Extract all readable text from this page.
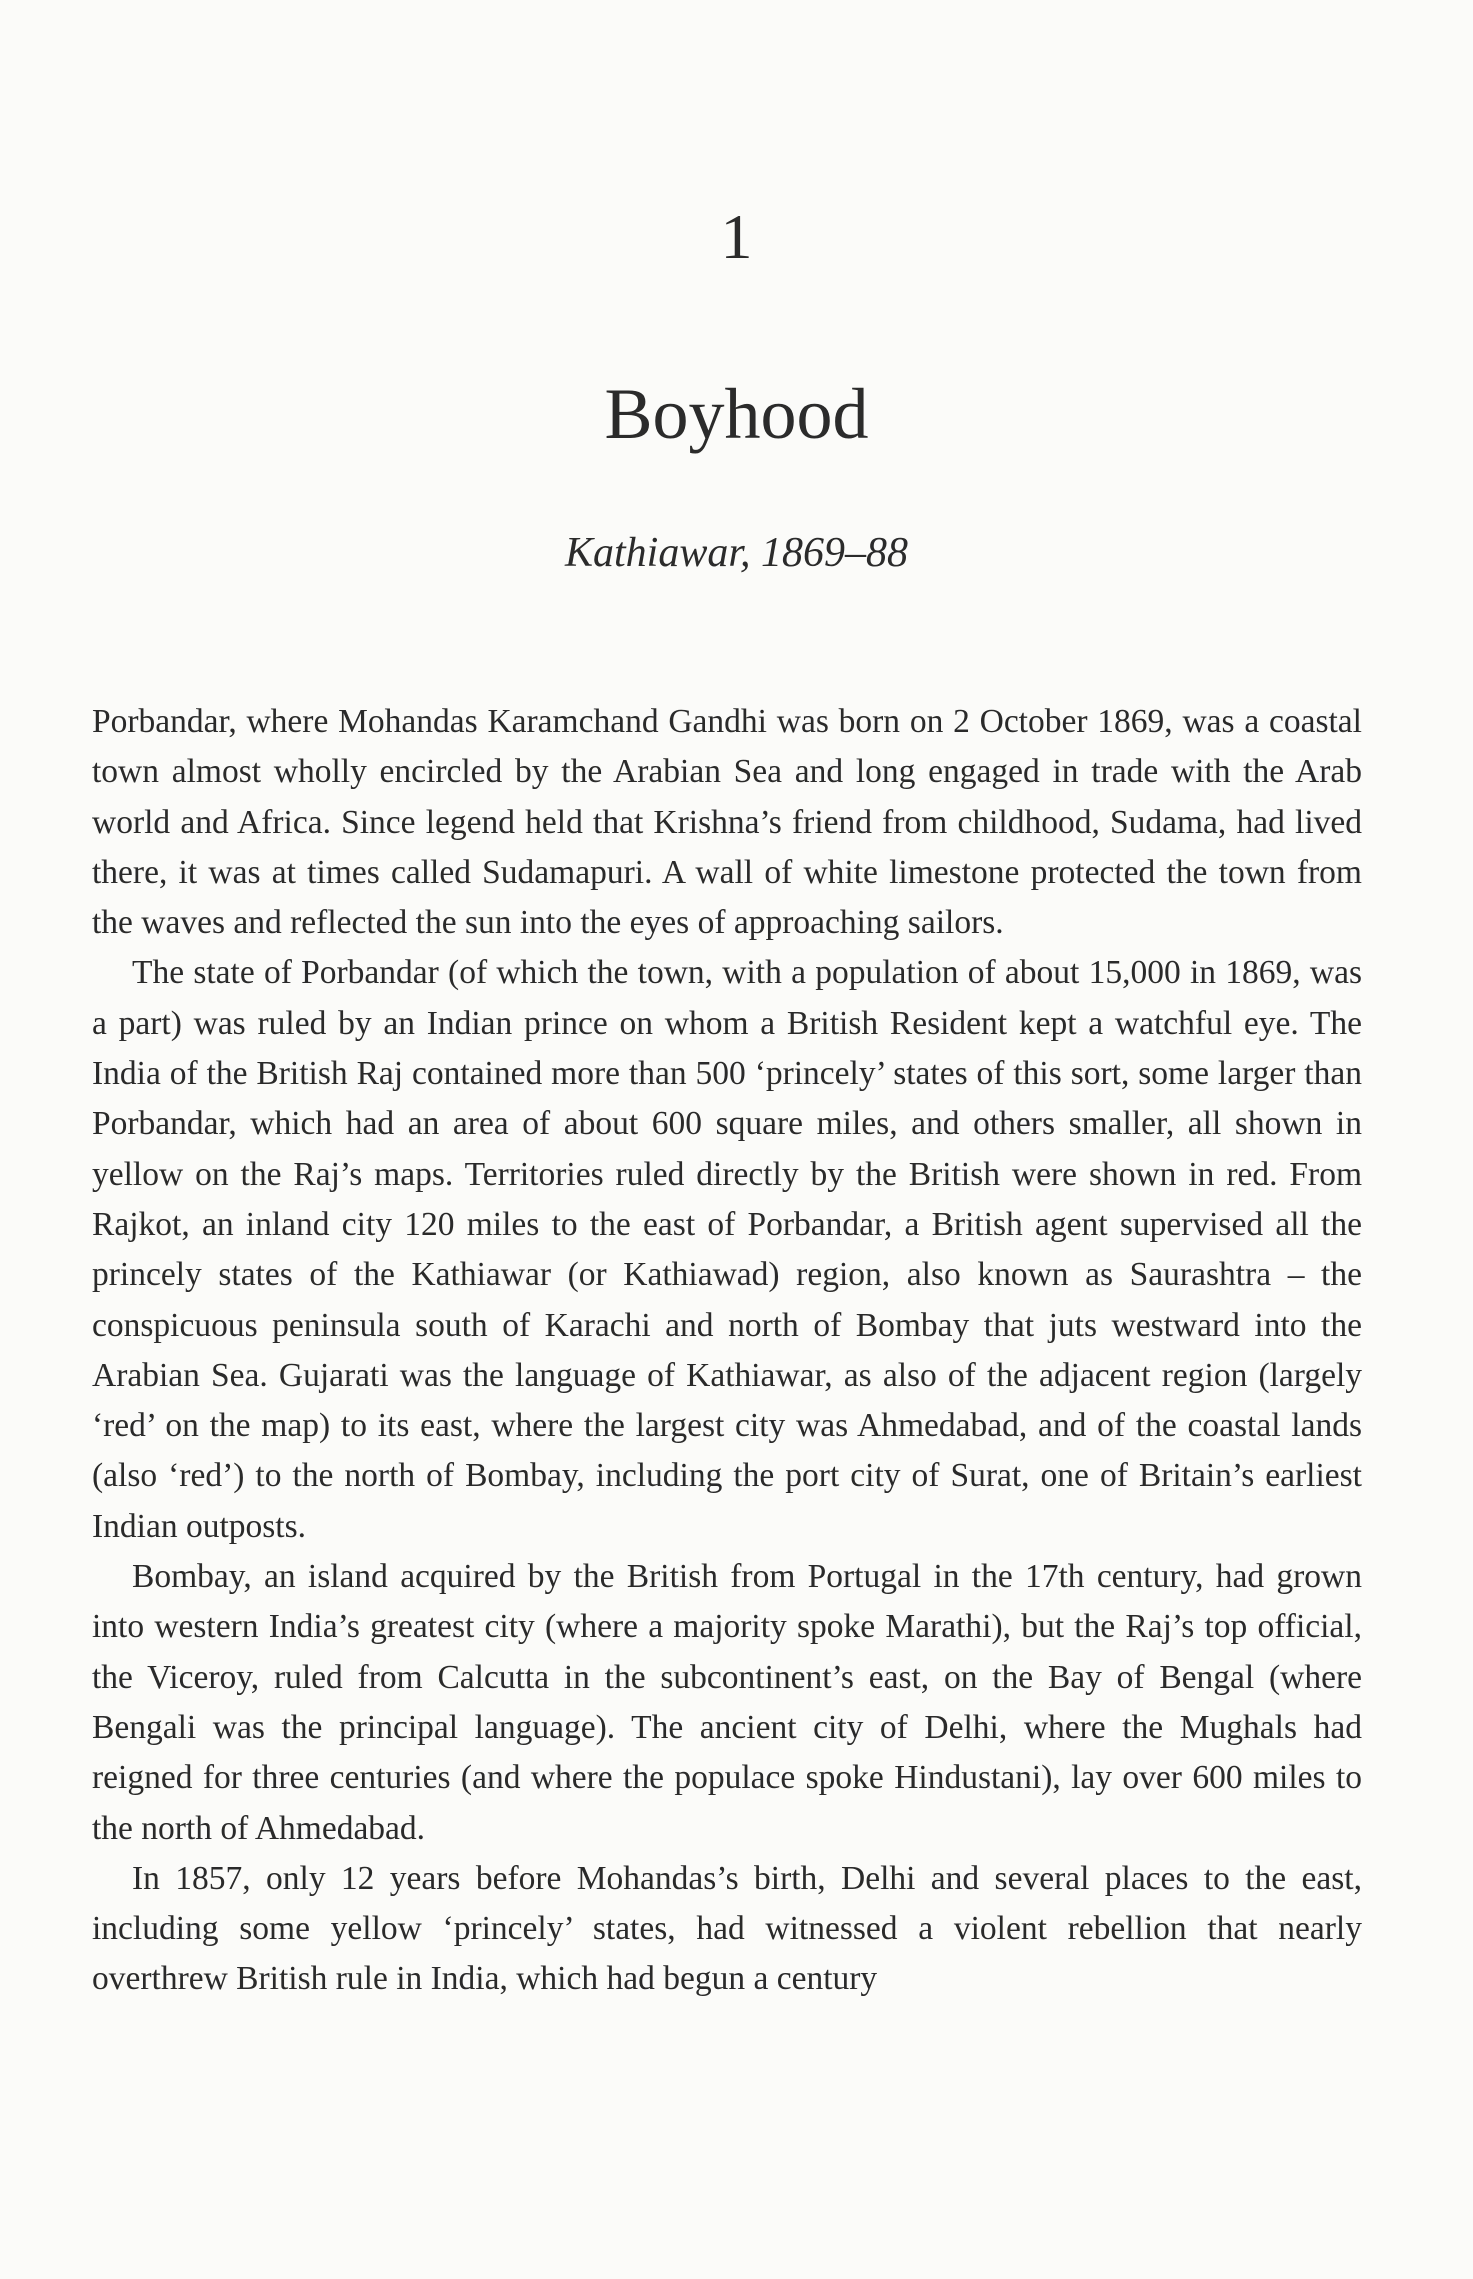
1
Boyhood
Kathiawar, 1869–88

Porbandar, where Mohandas Karamchand Gandhi was born on 2 October 1869, was a coastal town almost wholly encircled by the Arabian Sea and long engaged in trade with the Arab world and Africa. Since legend held that Krishna’s friend from childhood, Sudama, had lived there, it was at times called Sudamapuri. A wall of white limestone protected the town from the waves and reflected the sun into the eyes of approaching sailors.

The state of Porbandar (of which the town, with a population of about 15,000 in 1869, was a part) was ruled by an Indian prince on whom a British Resident kept a watchful eye. The India of the British Raj contained more than 500 ‘princely’ states of this sort, some larger than Porbandar, which had an area of about 600 square miles, and others smaller, all shown in yellow on the Raj’s maps. Territories ruled directly by the British were shown in red. From Rajkot, an inland city 120 miles to the east of Porbandar, a British agent supervised all the princely states of the Kathiawar (or Kathiawad) region, also known as Saurashtra – the conspicuous peninsula south of Karachi and north of Bombay that juts westward into the Arabian Sea. Gujarati was the language of Kathiawar, as also of the adjacent region (largely ‘red’ on the map) to its east, where the largest city was Ahmedabad, and of the coastal lands (also ‘red’) to the north of Bombay, including the port city of Surat, one of Britain’s earliest Indian outposts.

Bombay, an island acquired by the British from Portugal in the 17th century, had grown into western India’s greatest city (where a majority spoke Marathi), but the Raj’s top official, the Viceroy, ruled from Calcutta in the subcontinent’s east, on the Bay of Bengal (where Bengali was the principal language). The ancient city of Delhi, where the Mughals had reigned for three centuries (and where the populace spoke Hindustani), lay over 600 miles to the north of Ahmedabad.

In 1857, only 12 years before Mohandas’s birth, Delhi and several places to the east, including some yellow ‘princely’ states, had witnessed a violent rebellion that nearly overthrew British rule in India, which had begun a century
